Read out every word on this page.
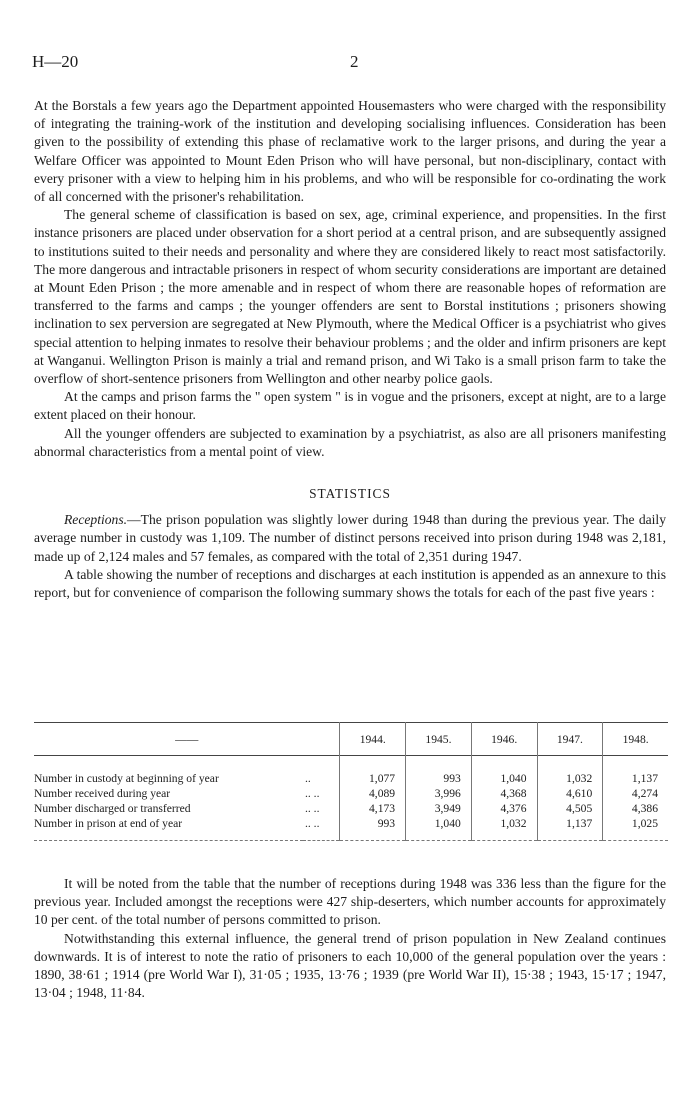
H—20	2

At the Borstals a few years ago the Department appointed Housemasters who were charged with the responsibility of integrating the training-work of the institution and developing socialising influences. Consideration has been given to the possibility of extending this phase of reclamative work to the larger prisons, and during the year a Welfare Officer was appointed to Mount Eden Prison who will have personal, but non-disciplinary, contact with every prisoner with a view to helping him in his problems, and who will be responsible for co-ordinating the work of all concerned with the prisoner's rehabilitation.

The general scheme of classification is based on sex, age, criminal experience, and propensities. In the first instance prisoners are placed under observation for a short period at a central prison, and are subsequently assigned to institutions suited to their needs and personality and where they are considered likely to react most satisfactorily. The more dangerous and intractable prisoners in respect of whom security considerations are important are detained at Mount Eden Prison ; the more amenable and in respect of whom there are reasonable hopes of reformation are transferred to the farms and camps ; the younger offenders are sent to Borstal institutions ; prisoners showing inclination to sex perversion are segregated at New Plymouth, where the Medical Officer is a psychiatrist who gives special attention to helping inmates to resolve their behaviour problems ; and the older and infirm prisoners are kept at Wanganui. Wellington Prison is mainly a trial and remand prison, and Wi Tako is a small prison farm to take the overflow of short-sentence prisoners from Wellington and other nearby police gaols.

At the camps and prison farms the " open system " is in vogue and the prisoners, except at night, are to a large extent placed on their honour.

All the younger offenders are subjected to examination by a psychiatrist, as also are all prisoners manifesting abnormal characteristics from a mental point of view.

STATISTICS

Receptions.—The prison population was slightly lower during 1948 than during the previous year. The daily average number in custody was 1,109. The number of distinct persons received into prison during 1948 was 2,181, made up of 2,124 males and 57 females, as compared with the total of 2,351 during 1947.

A table showing the number of receptions and discharges at each institution is appended as an annexure to this report, but for convenience of comparison the following summary shows the totals for each of the past five years :

——		1944.	1945.	1946.	1947.	1948.
Number in custody at beginning of year	..	1,077	993	1,040	1,032	1,137
Number received during year	.. ..	4,089	3,996	4,368	4,610	4,274
Number discharged or transferred	.. ..	4,173	3,949	4,376	4,505	4,386
Number in prison at end of year	.. ..	993	1,040	1,032	1,137	1,025

It will be noted from the table that the number of receptions during 1948 was 336 less than the figure for the previous year. Included amongst the receptions were 427 ship-deserters, which number accounts for approximately 10 per cent. of the total number of persons committed to prison.

Notwithstanding this external influence, the general trend of prison population in New Zealand continues downwards. It is of interest to note the ratio of prisoners to each 10,000 of the general population over the years : 1890, 38·61 ; 1914 (pre World War I), 31·05 ; 1935, 13·76 ; 1939 (pre World War II), 15·38 ; 1943, 15·17 ; 1947, 13·04 ; 1948, 11·84.
